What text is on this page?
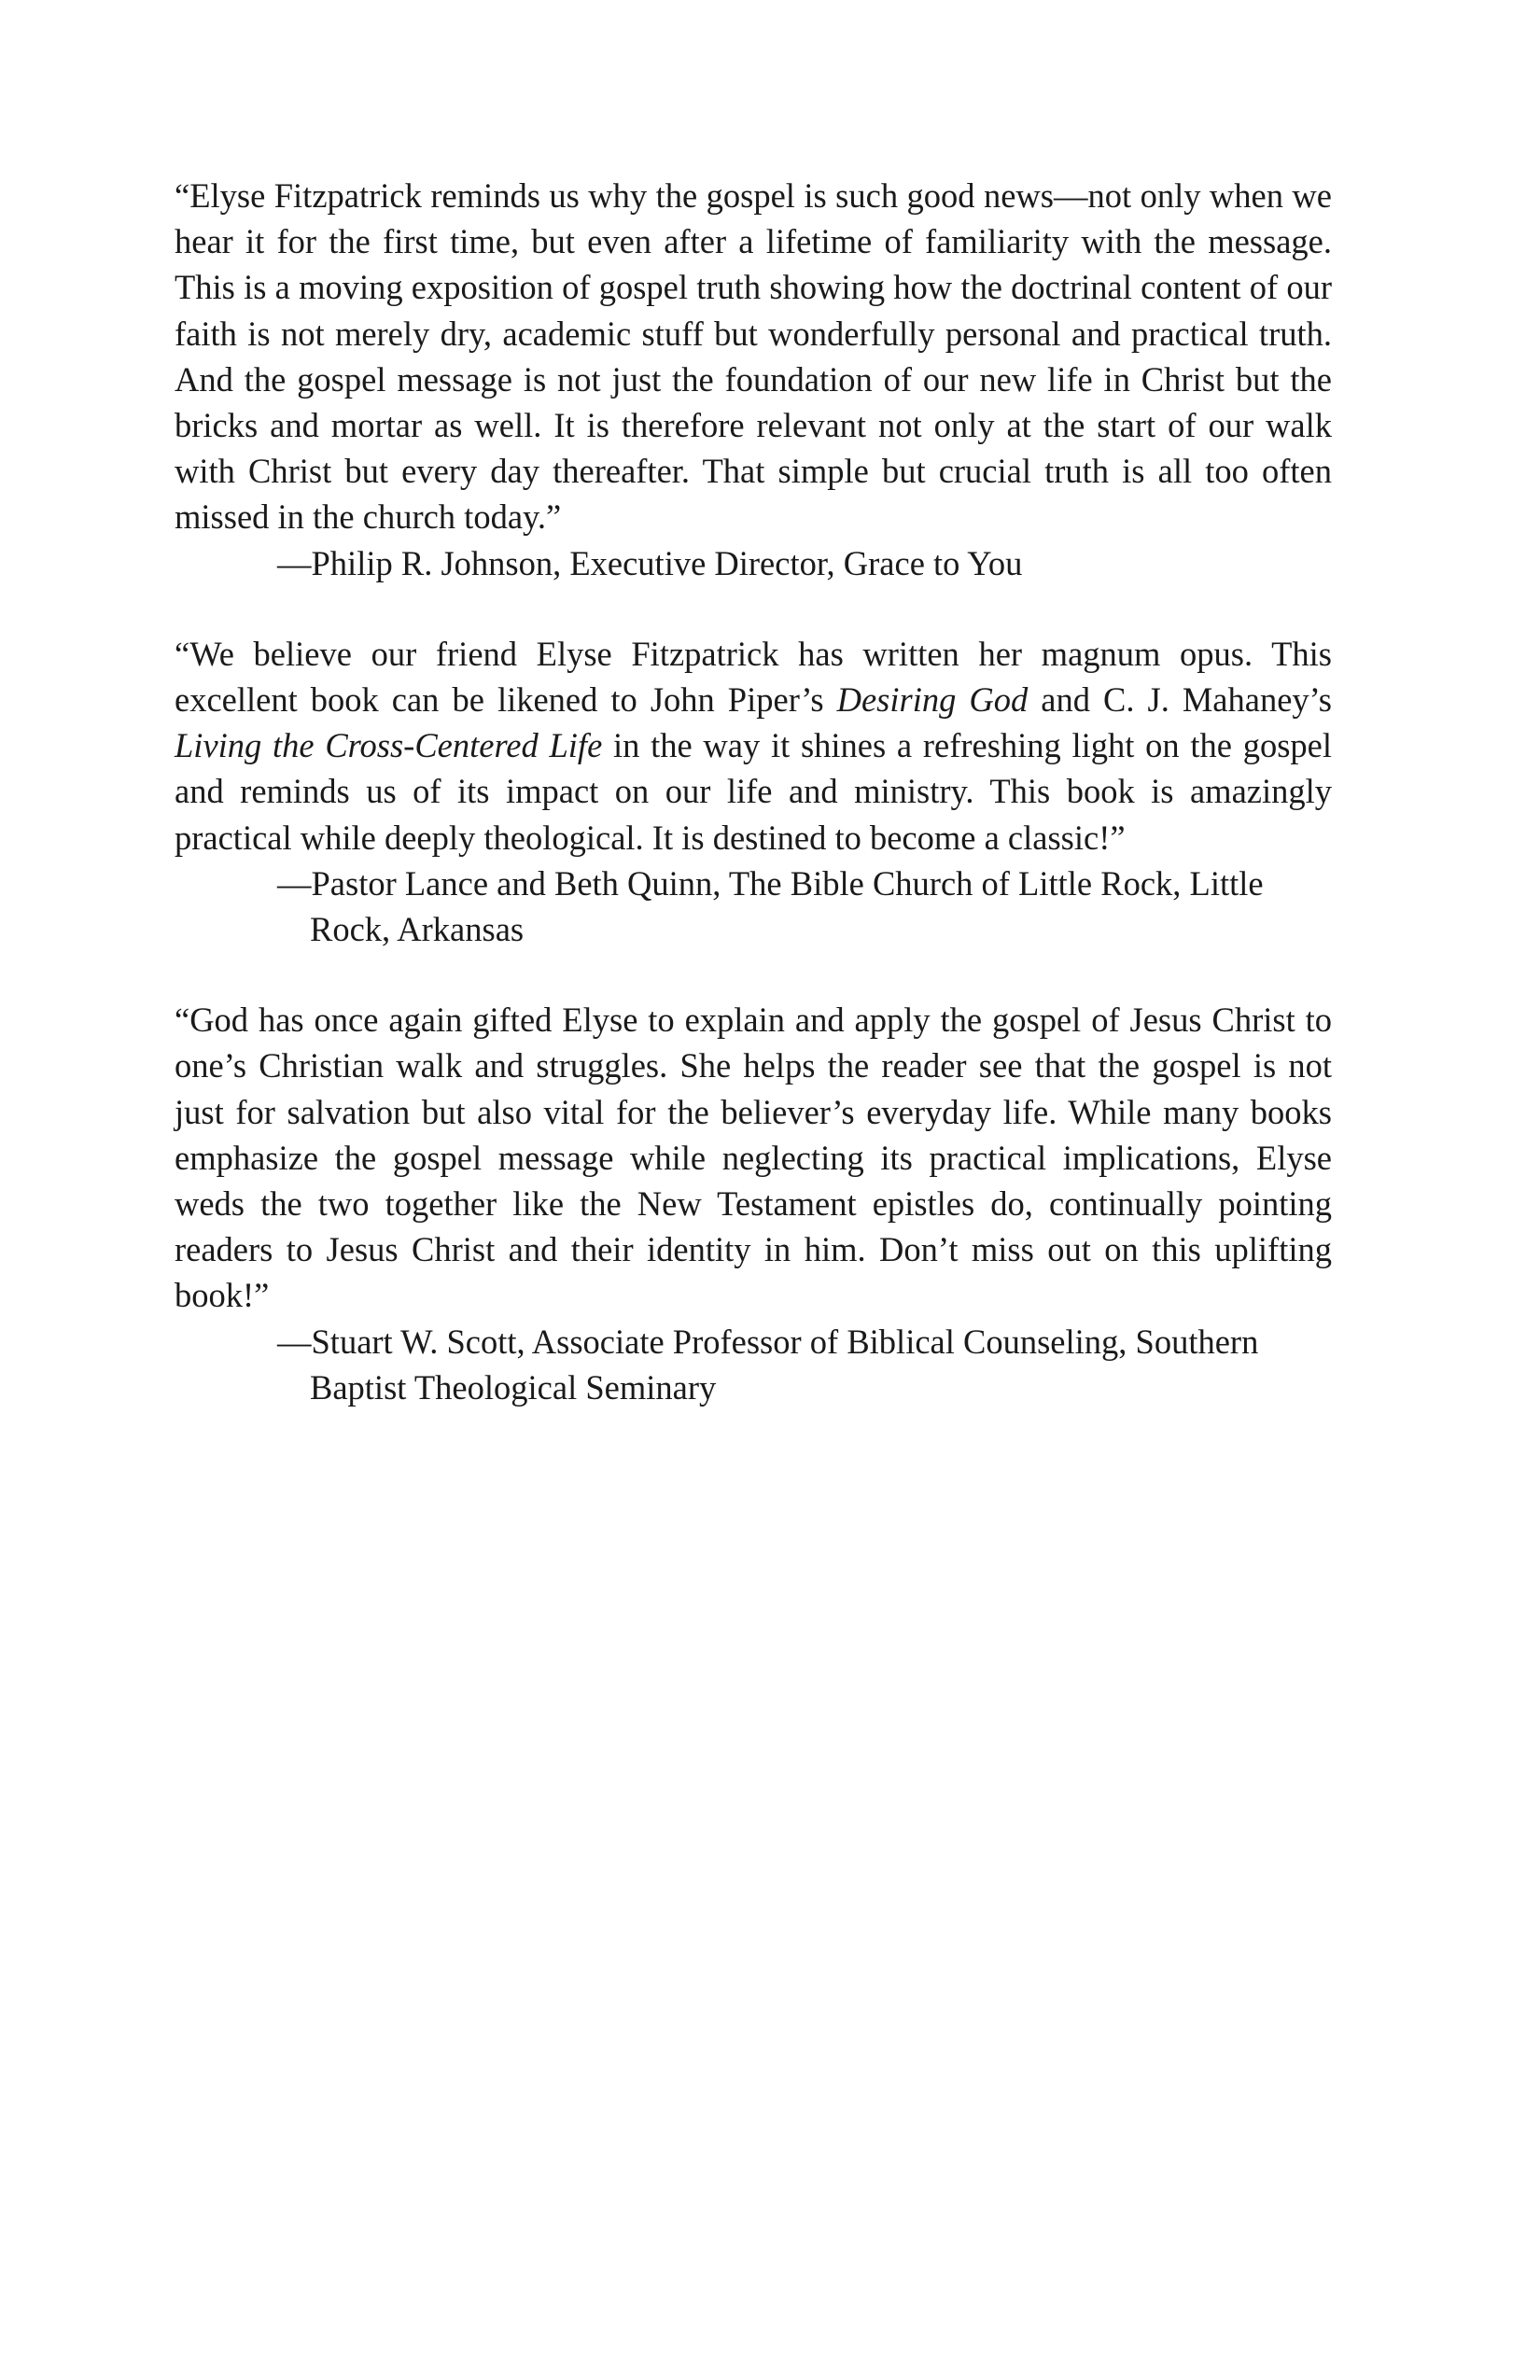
“Elyse Fitzpatrick reminds us why the gospel is such good news—not only when we hear it for the first time, but even after a lifetime of familiarity with the message. This is a moving exposition of gospel truth showing how the doctrinal content of our faith is not merely dry, academic stuff but wonderfully personal and practical truth. And the gospel message is not just the foundation of our new life in Christ but the bricks and mortar as well. It is therefore relevant not only at the start of our walk with Christ but every day thereafter. That simple but crucial truth is all too often missed in the church today.”

—Philip R. Johnson, Executive Director, Grace to You

“We believe our friend Elyse Fitzpatrick has written her magnum opus. This excellent book can be likened to John Piper’s Desiring God and C. J. Mahaney’s Living the Cross-Centered Life in the way it shines a refreshing light on the gospel and reminds us of its impact on our life and ministry. This book is amazingly practical while deeply theological. It is destined to become a classic!”

—Pastor Lance and Beth Quinn, The Bible Church of Little Rock, Little Rock, Arkansas

“God has once again gifted Elyse to explain and apply the gospel of Jesus Christ to one’s Christian walk and struggles. She helps the reader see that the gospel is not just for salvation but also vital for the believer’s everyday life. While many books emphasize the gospel message while neglecting its practical implications, Elyse weds the two together like the New Testament epistles do, continually pointing readers to Jesus Christ and their identity in him. Don’t miss out on this uplifting book!”

—Stuart W. Scott, Associate Professor of Biblical Counseling, Southern Baptist Theological Seminary
